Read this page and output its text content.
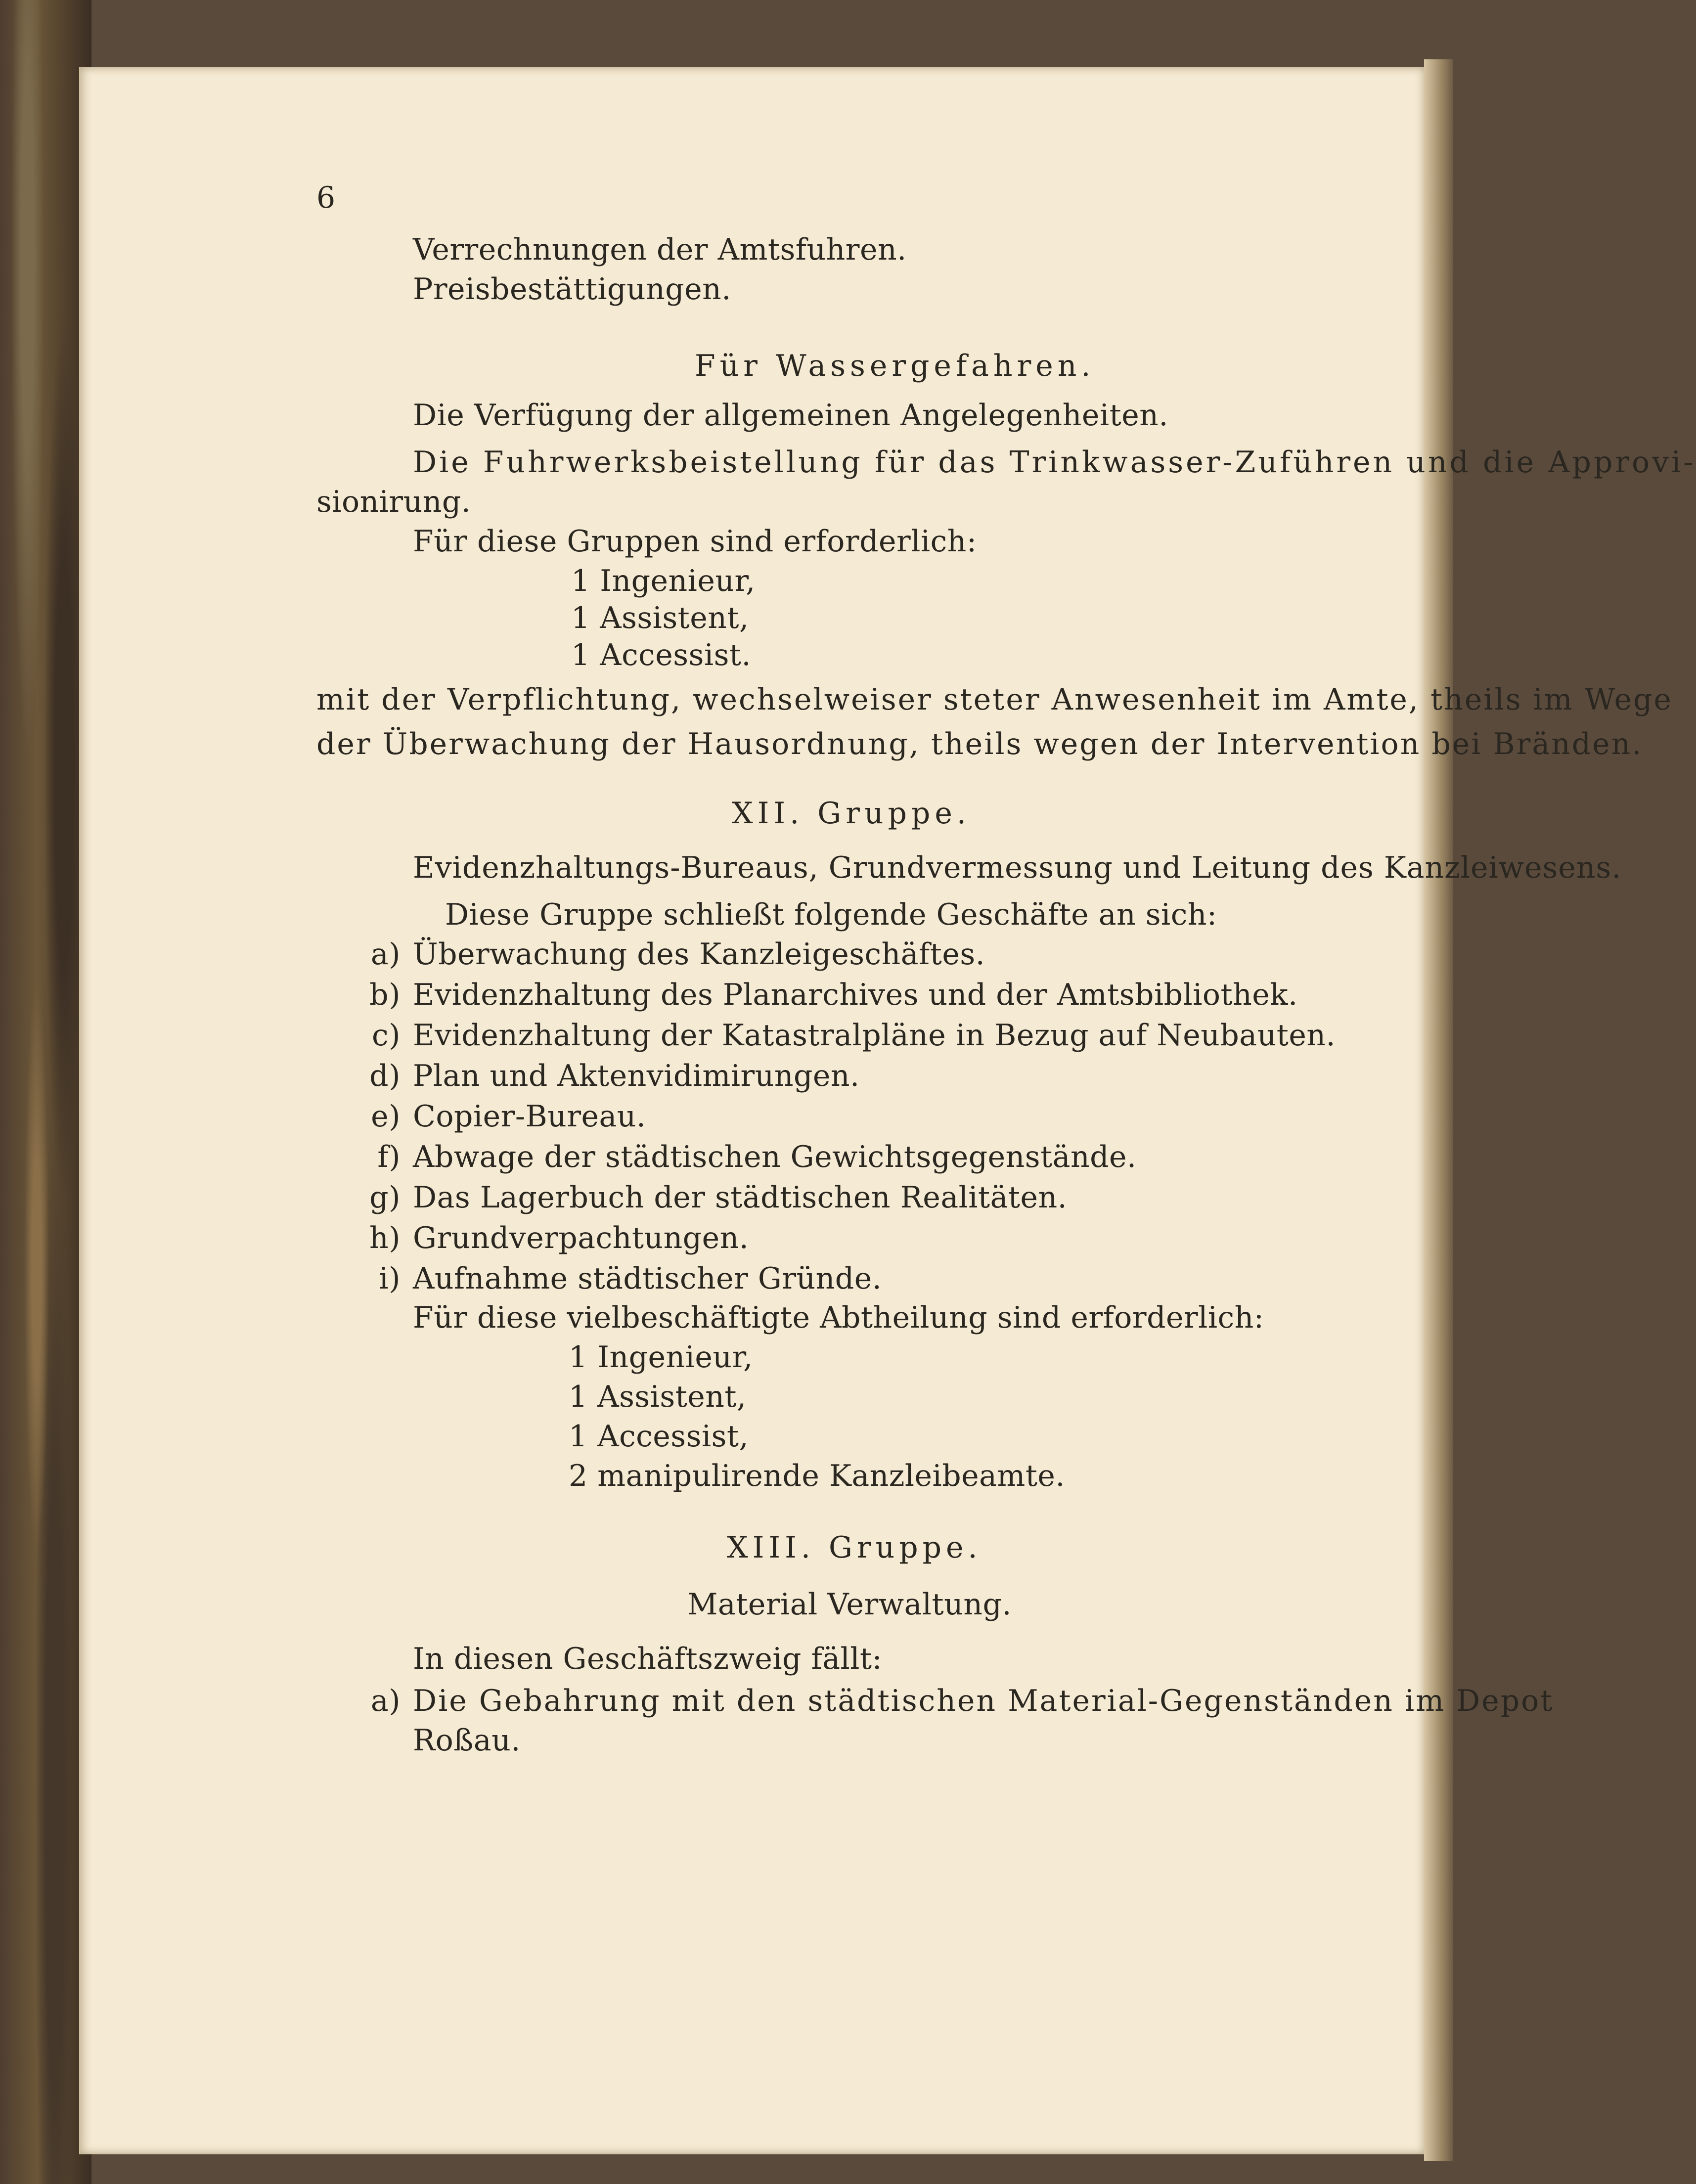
6
Verrechnungen der Amtsfuhren.
Preisbestättigungen.
Für Wassergefahren.
Die Verfügung der allgemeinen Angelegenheiten.
Die Fuhrwerksbeistellung für das Trinkwasser-Zuführen und die Approvi-
sionirung.
Für diese Gruppen sind erforderlich:
1 Ingenieur,
1 Assistent,
1 Accessist.
mit der Verpflichtung, wechselweiser steter Anwesenheit im Amte, theils im Wege
der Überwachung der Hausordnung, theils wegen der Intervention bei Bränden.
XII. Gruppe.
Evidenzhaltungs-Bureaus, Grundvermessung und Leitung des Kanzleiwesens.
Diese Gruppe schließt folgende Geschäfte an sich:
a) Überwachung des Kanzleigeschäftes.
b) Evidenzhaltung des Planarchives und der Amtsbibliothek.
c) Evidenzhaltung der Katastralpläne in Bezug auf Neubauten.
d) Plan und Aktenvidimirungen.
e) Copier-Bureau.
f) Abwage der städtischen Gewichtsgegenstände.
g) Das Lagerbuch der städtischen Realitäten.
h) Grundverpachtungen.
i) Aufnahme städtischer Gründe.
Für diese vielbeschäftigte Abtheilung sind erforderlich:
1 Ingenieur,
1 Assistent,
1 Accessist,
2 manipulirende Kanzleibeamte.
XIII. Gruppe.
Material Verwaltung.
In diesen Geschäftszweig fällt:
a) Die Gebahrung mit den städtischen Material-Gegenständen im Depot
Roßau.
